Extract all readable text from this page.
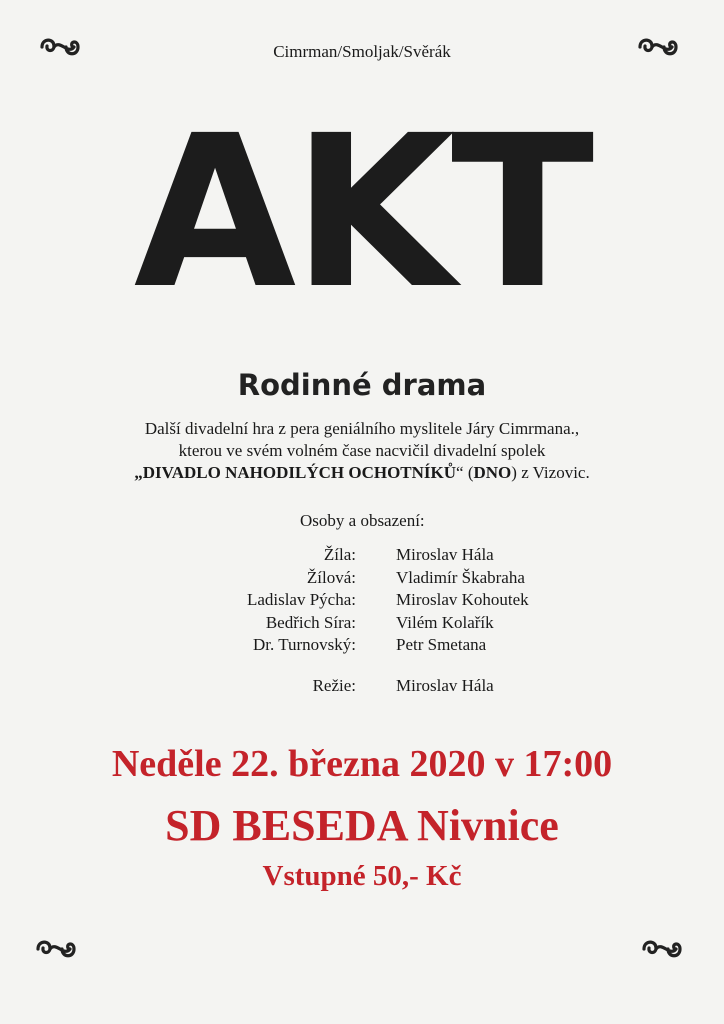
Cimrman/Smoljak/Svěrák
AKT
Rodinné drama
Další divadelní hra z pera geniálního myslitele Járy Cimrmana.,
kterou ve svém volném čase nacvičil divadelní spolek
„DIVADLO NAHODILÝCH OCHOTNÍKŮ“ (DNO) z Vizovic.
Osoby a obsazení:
Žíla: Miroslav Hála
Žílová: Vladimír Škabraha
Ladislav Pýcha: Miroslav Kohoutek
Bedřich Síra: Vilém Kolařík
Dr. Turnovský: Petr Smetana
Režie: Miroslav Hála
Neděle 22. března 2020 v 17:00
SD BESEDA Nivnice
Vstupné 50,- Kč
